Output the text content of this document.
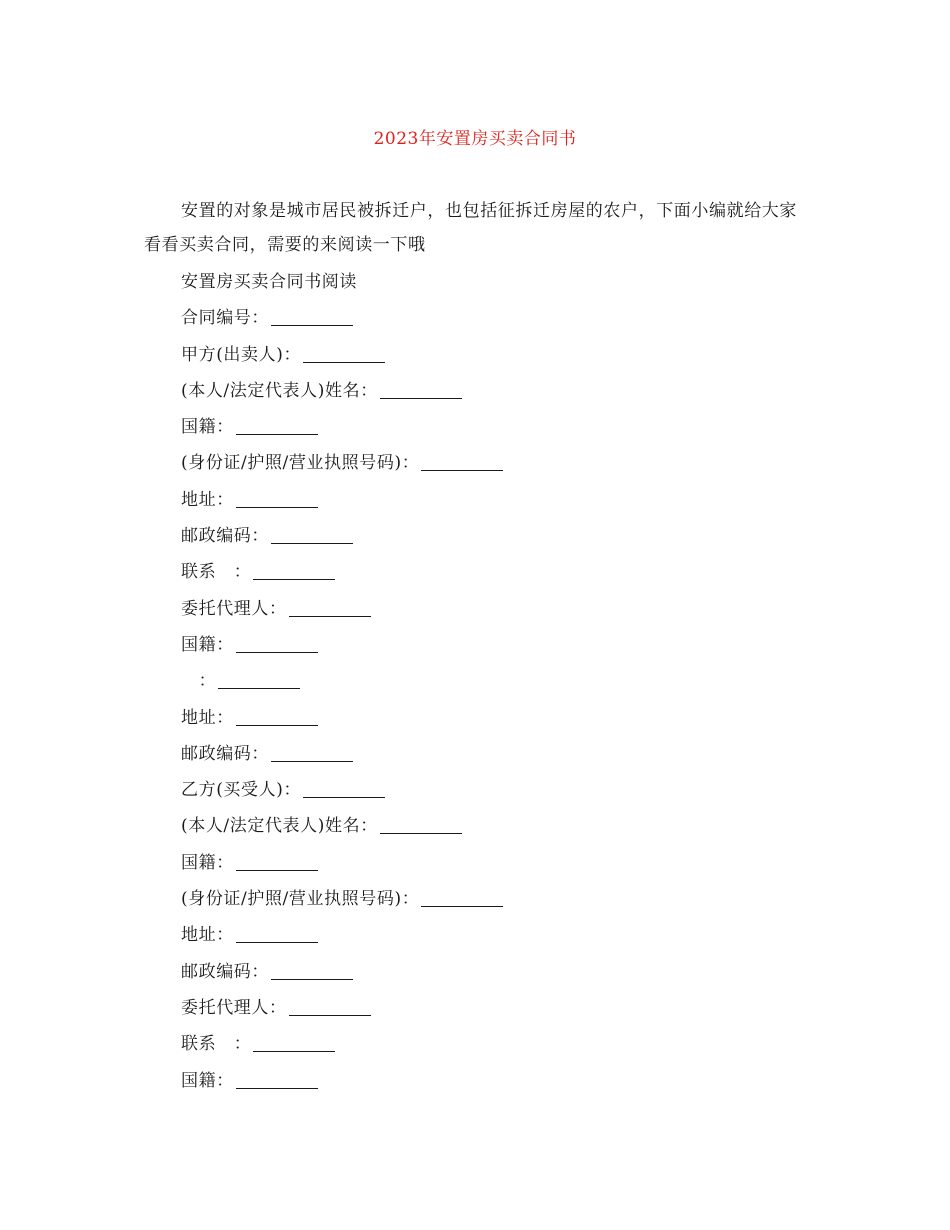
2023年安置房买卖合同书
安置的对象是城市居民被拆迁户，也包括征拆迁房屋的农户，下面小编就给大家看看买卖合同，需要的来阅读一下哦
安置房买卖合同书阅读
合同编号：
甲方(出卖人)：
(本人/法定代表人)姓名：
国籍：
(身份证/护照/营业执照号码)：
地址：
邮政编码：
联系　：
委托代理人：
国籍：
　：
地址：
邮政编码：
乙方(买受人)：
(本人/法定代表人)姓名：
国籍：
(身份证/护照/营业执照号码)：
地址：
邮政编码：
委托代理人：
联系　：
国籍：
